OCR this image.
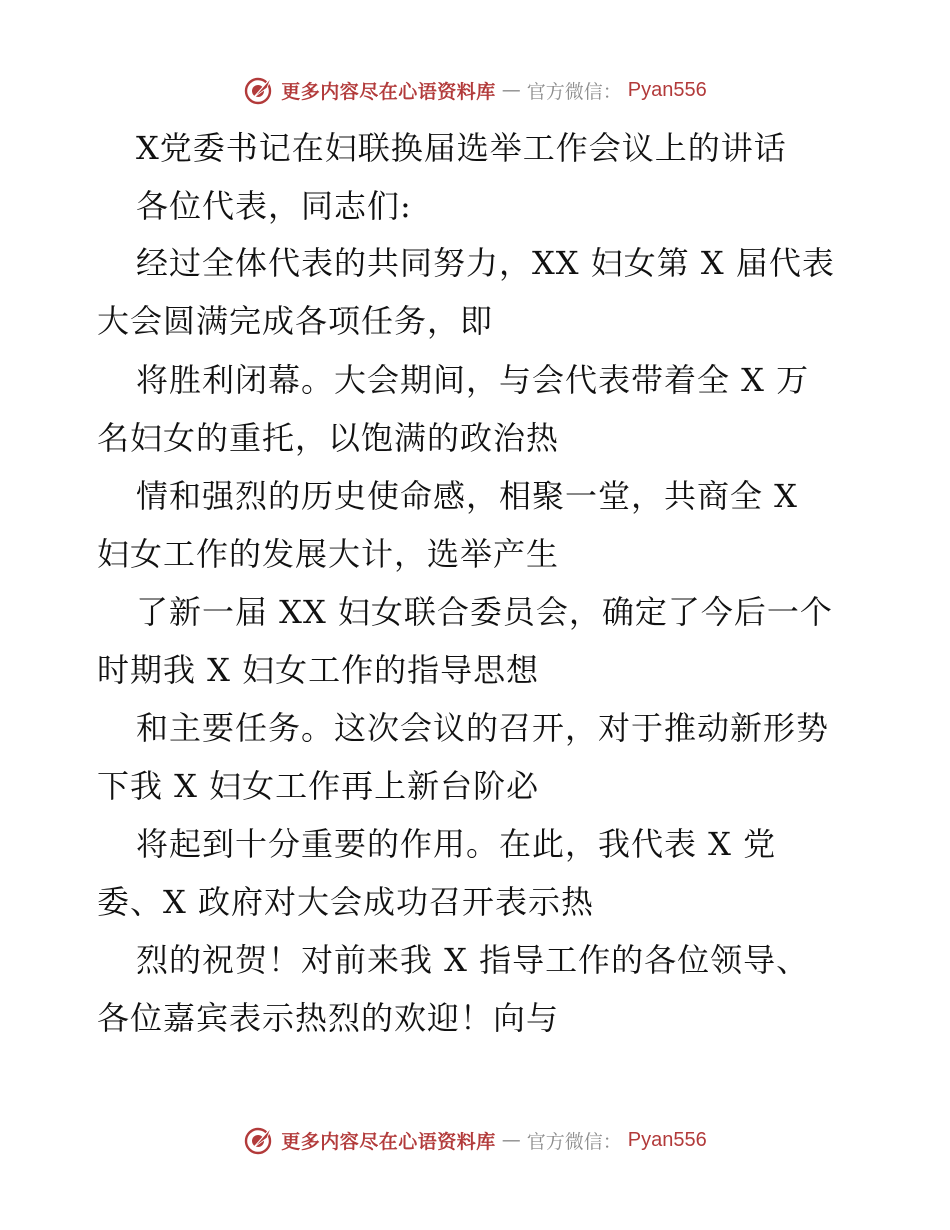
更多内容尽在心语资料库 — 官方微信： Pyan556
X党委书记在妇联换届选举工作会议上的讲话
各位代表，同志们:
经过全体代表的共同努力，XX 妇女第 X 届代表
大会圆满完成各项任务，即
将胜利闭幕。大会期间，与会代表带着全 X 万
名妇女的重托，以饱满的政治热
情和强烈的历史使命感，相聚一堂，共商全 X
妇女工作的发展大计，选举产生
了新一届 XX 妇女联合委员会，确定了今后一个
时期我 X 妇女工作的指导思想
和主要任务。这次会议的召开，对于推动新形势
下我 X 妇女工作再上新台阶必
将起到十分重要的作用。在此，我代表 X 党
委、X 政府对大会成功召开表示热
烈的祝贺！对前来我 X 指导工作的各位领导、
各位嘉宾表示热烈的欢迎！向与
更多内容尽在心语资料库 — 官方微信： Pyan556
